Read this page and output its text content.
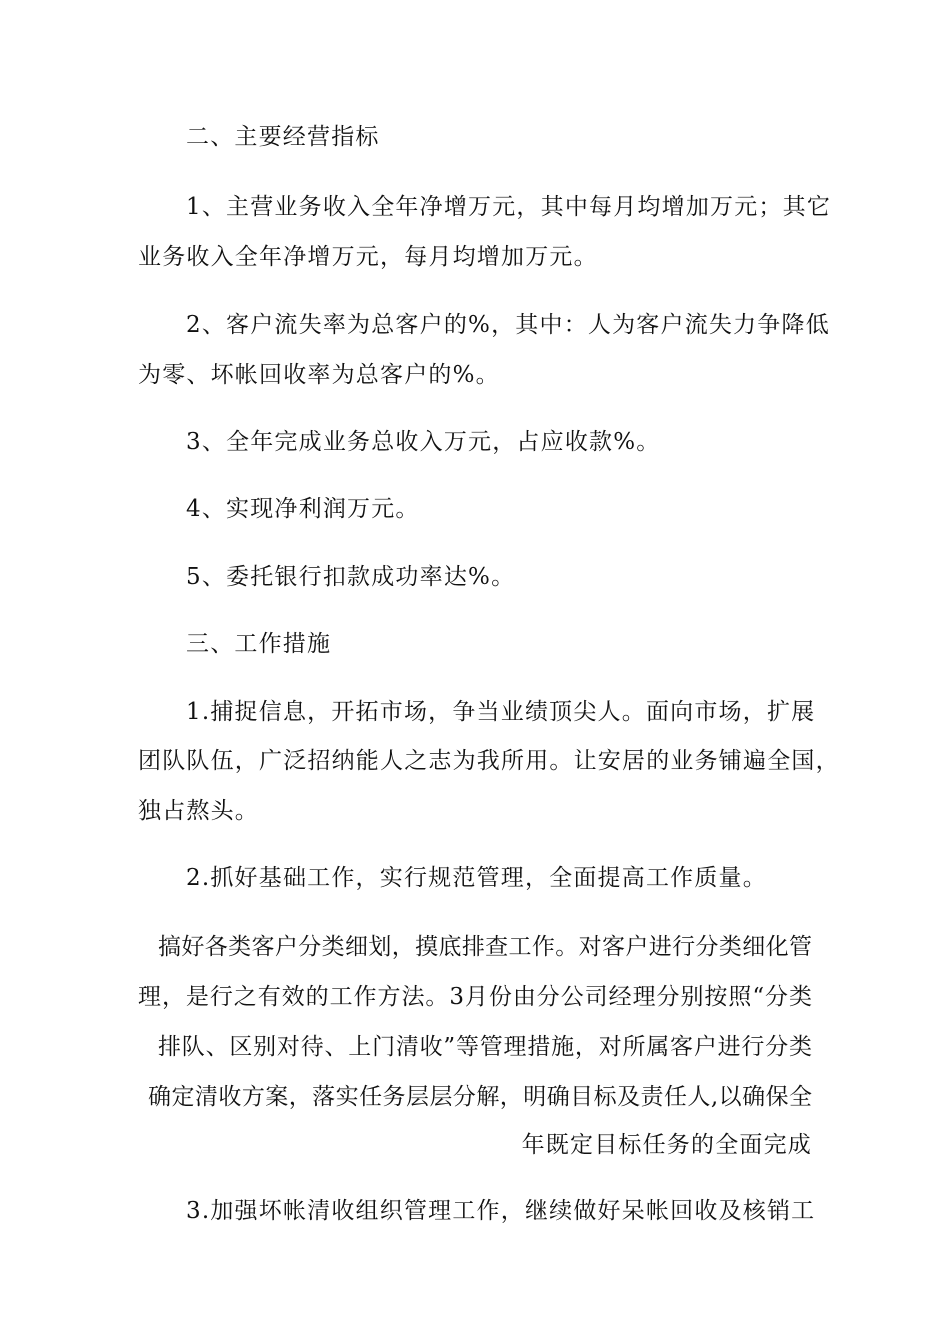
二、主要经营指标
1、主营业务收入全年净增万元，其中每月均增加万元；其它
业务收入全年净增万元，每月均增加万元。
2、客户流失率为总客户的%，其中：人为客户流失力争降低
为零、坏帐回收率为总客户的%。
3、全年完成业务总收入万元，占应收款%。
4、实现净利润万元。
5、委托银行扣款成功率达%。
三、工作措施
1.捕捉信息，开拓市场，争当业绩顶尖人。面向市场，扩展
团队队伍，广泛招纳能人之志为我所用。让安居的业务铺遍全国，
独占熬头。
2.抓好基础工作，实行规范管理，全面提高工作质量。
搞好各类客户分类细划，摸底排查工作。对客户进行分类细化管
理，是行之有效的工作方法。3月份由分公司经理分别按照“分类
排队、区别对待、上门清收”等管理措施，对所属客户进行分类
确定清收方案，落实任务层层分解，明确目标及责任人,以确保全
年既定目标任务的全面完成
3.加强坏帐清收组织管理工作，继续做好呆帐回收及核销工
